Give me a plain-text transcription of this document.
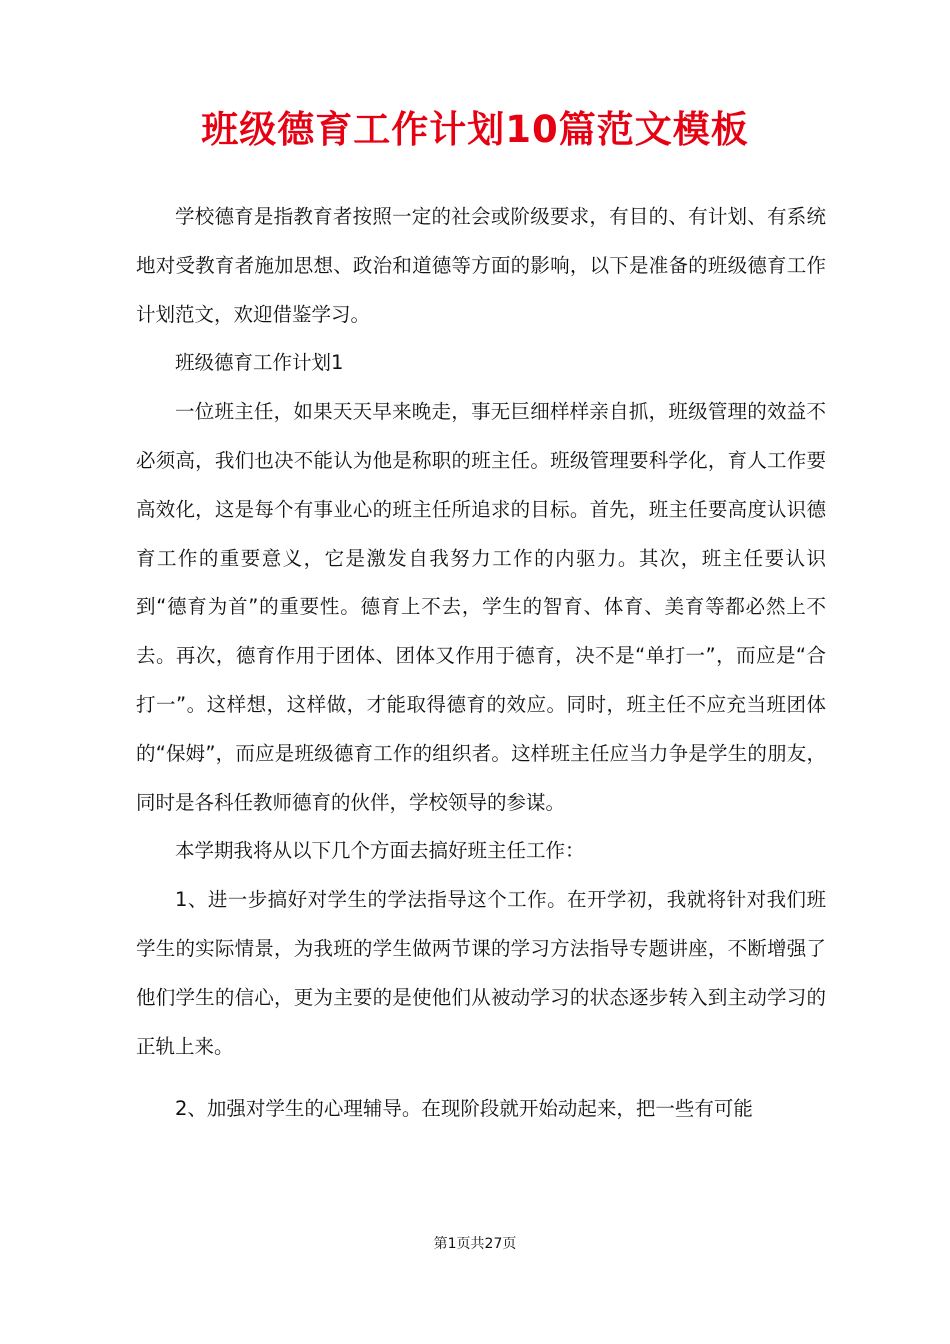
班级德育工作计划10篇范文模板

学校德育是指教育者按照一定的社会或阶级要求，有目的、有计划、有系统地对受教育者施加思想、政治和道德等方面的影响，以下是准备的班级德育工作计划范文，欢迎借鉴学习。

班级德育工作计划1

一位班主任，如果天天早来晚走，事无巨细样样亲自抓，班级管理的效益不必须高，我们也决不能认为他是称职的班主任。班级管理要科学化，育人工作要高效化，这是每个有事业心的班主任所追求的目标。首先，班主任要高度认识德育工作的重要意义，它是激发自我努力工作的内驱力。其次，班主任要认识到“德育为首”的重要性。德育上不去，学生的智育、体育、美育等都必然上不去。再次，德育作用于团体、团体又作用于德育，决不是“单打一”，而应是“合打一”。这样想，这样做，才能取得德育的效应。同时，班主任不应充当班团体的“保姆”，而应是班级德育工作的组织者。这样班主任应当力争是学生的朋友，同时是各科任教师德育的伙伴，学校领导的参谋。

本学期我将从以下几个方面去搞好班主任工作：

1、进一步搞好对学生的学法指导这个工作。在开学初，我就将针对我们班学生的实际情景，为我班的学生做两节课的学习方法指导专题讲座，不断增强了他们学生的信心，更为主要的是使他们从被动学习的状态逐步转入到主动学习的正轨上来。

2、加强对学生的心理辅导。在现阶段就开始动起来，把一些有可能

第1页共27页
